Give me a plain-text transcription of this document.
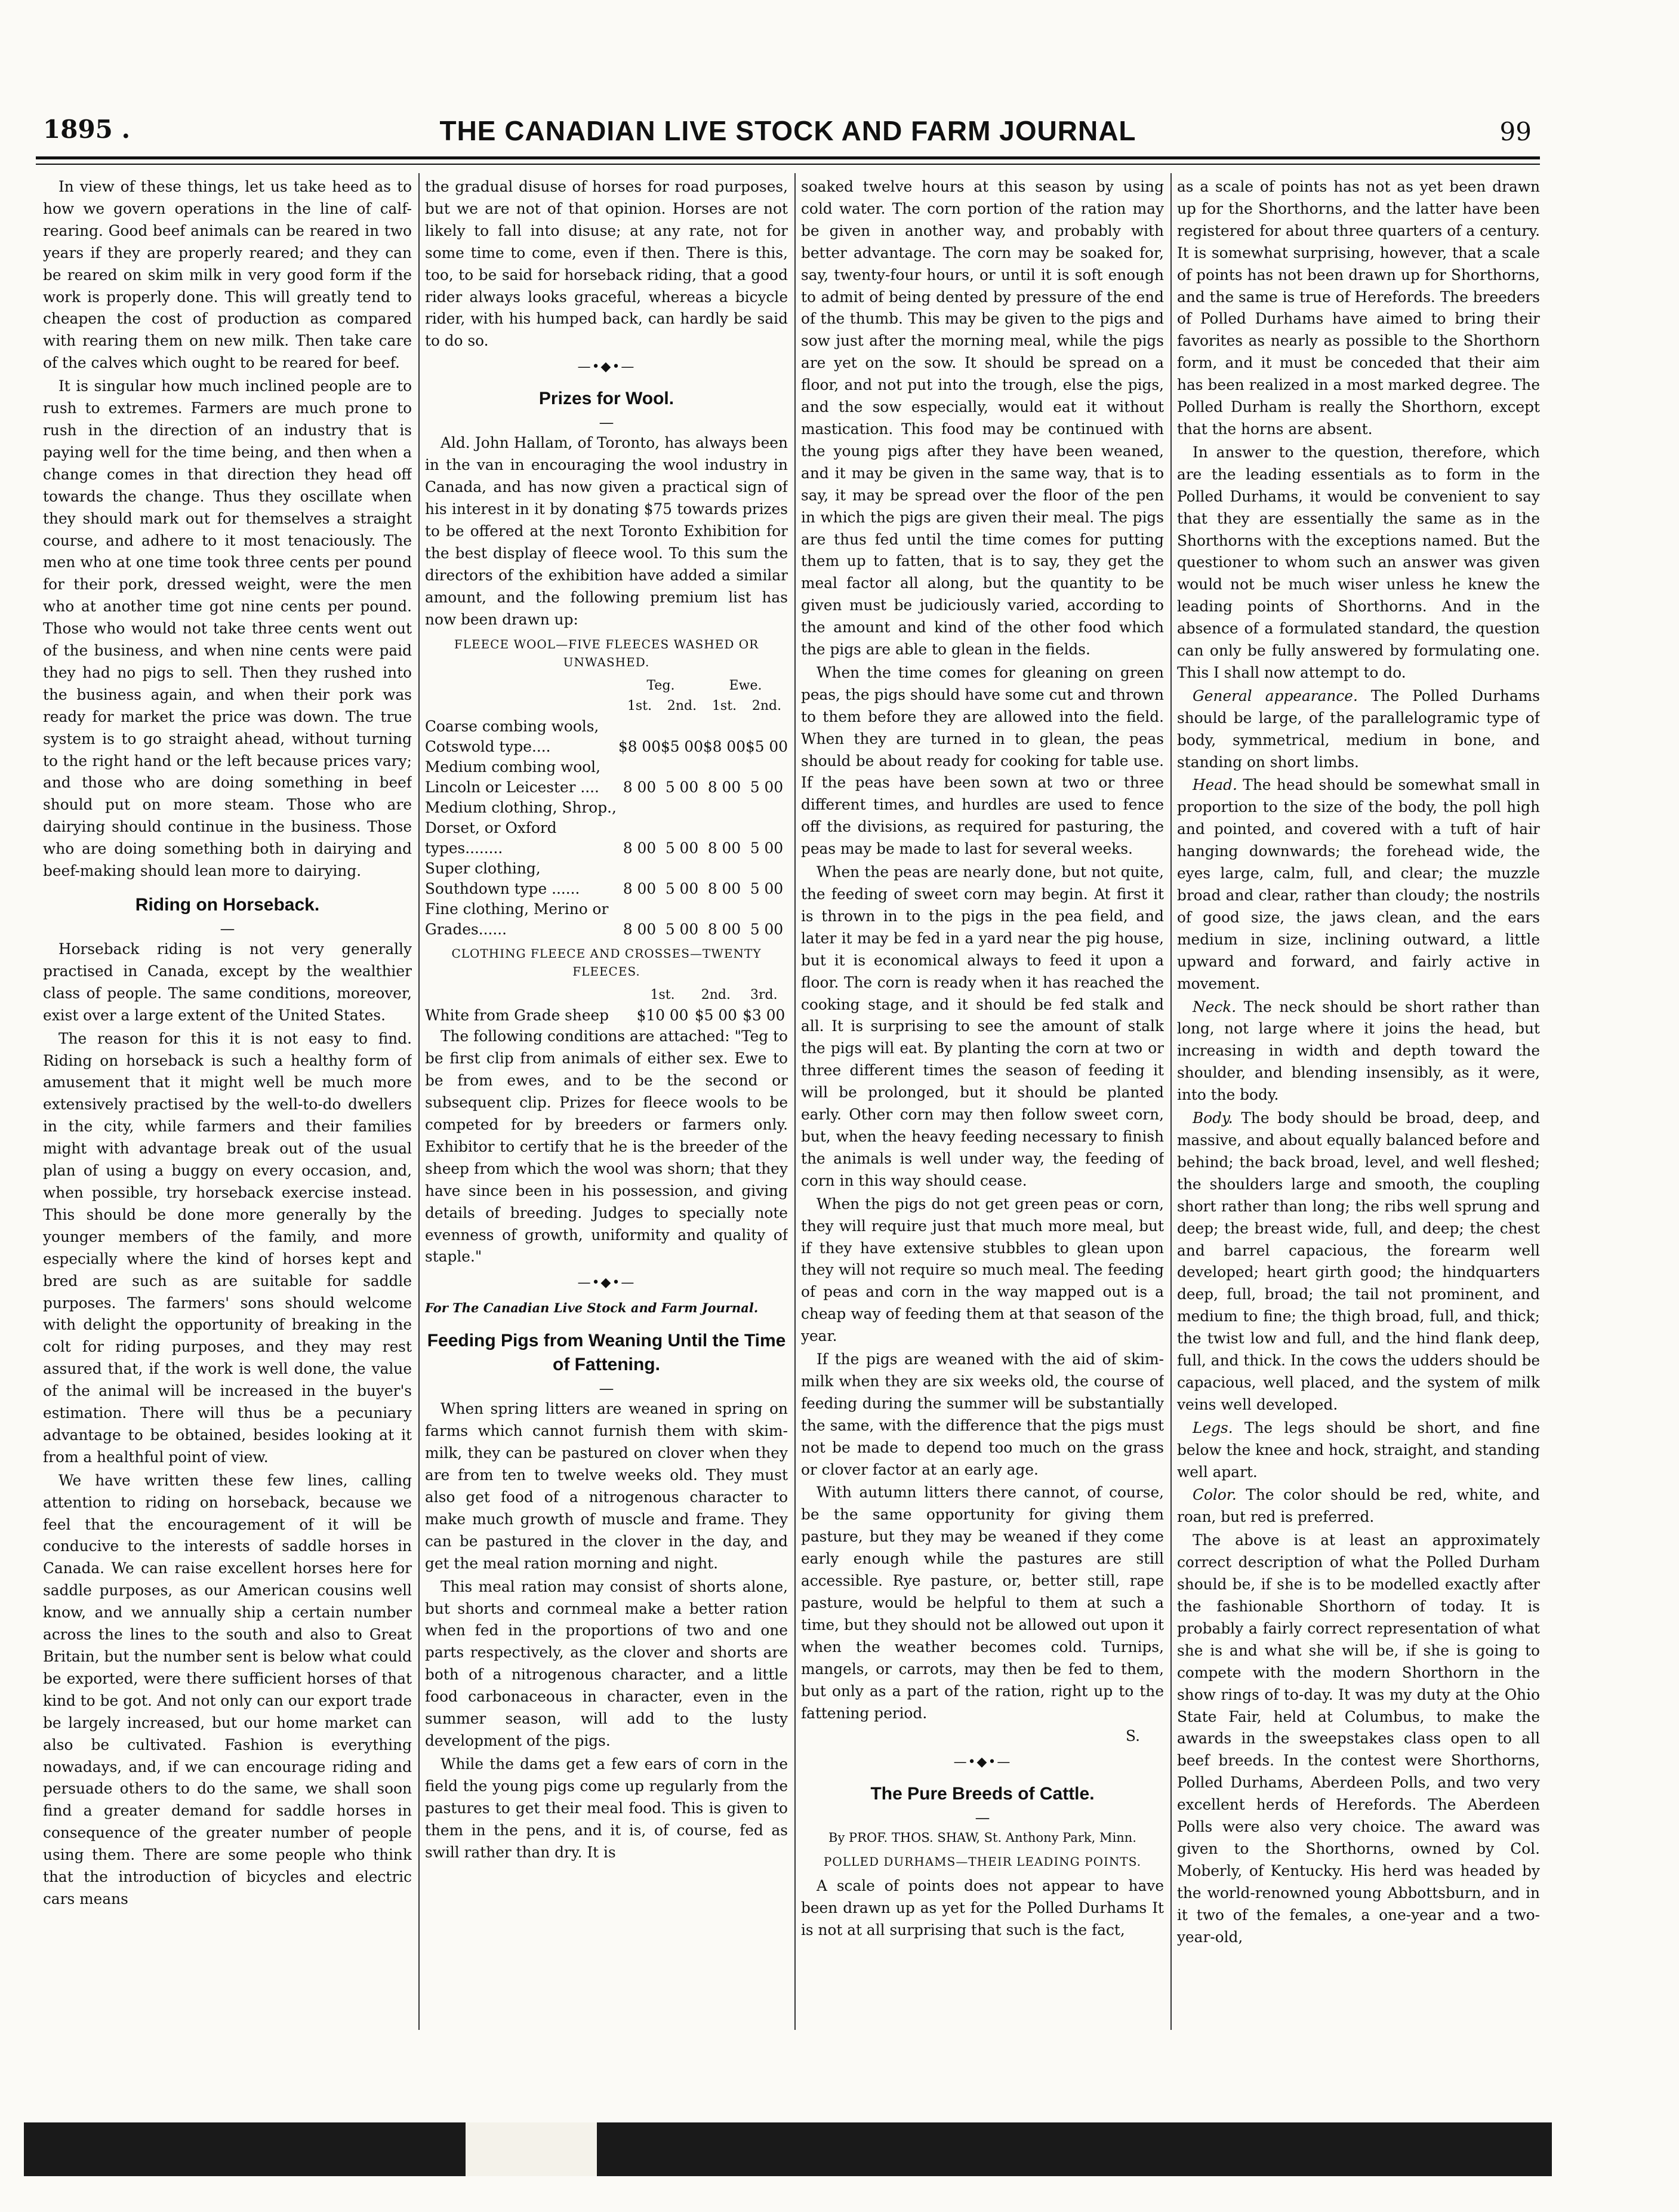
1895 .	THE CANADIAN LIVE STOCK AND FARM JOURNAL	99

In view of these things, let us take heed as to how we govern operations in the line of calf-rearing. Good beef animals can be reared in two years if they are properly reared; and they can be reared on skim milk in very good form if the work is properly done. This will greatly tend to cheapen the cost of production as compared with rearing them on new milk. Then take care of the calves which ought to be reared for beef.

It is singular how much inclined people are to rush to extremes. Farmers are much prone to rush in the direction of an industry that is paying well for the time being, and then when a change comes in that direction they head off towards the change. Thus they oscillate when they should mark out for themselves a straight course, and adhere to it most tenaciously. The men who at one time took three cents per pound for their pork, dressed weight, were the men who at another time got nine cents per pound. Those who would not take three cents went out of the business, and when nine cents were paid they had no pigs to sell. Then they rushed into the business again, and when their pork was ready for market the price was down. The true system is to go straight ahead, without turning to the right hand or the left because prices vary; and those who are doing something in beef should put on more steam. Those who are dairying should continue in the business. Those who are doing something both in dairying and beef-making should lean more to dairying.

Riding on Horseback.
—

Horseback riding is not very generally practised in Canada, except by the wealthier class of people. The same conditions, moreover, exist over a large extent of the United States.

The reason for this it is not easy to find. Riding on horseback is such a healthy form of amusement that it might well be much more extensively practised by the well-to-do dwellers in the city, while farmers and their families might with advantage break out of the usual plan of using a buggy on every occasion, and, when possible, try horseback exercise instead. This should be done more generally by the younger members of the family, and more especially where the kind of horses kept and bred are such as are suitable for saddle purposes. The farmers' sons should welcome with delight the opportunity of breaking in the colt for riding purposes, and they may rest assured that, if the work is well done, the value of the animal will be increased in the buyer's estimation. There will thus be a pecuniary advantage to be obtained, besides looking at it from a healthful point of view.

We have written these few lines, calling attention to riding on horseback, because we feel that the encouragement of it will be conducive to the interests of saddle horses in Canada. We can raise excellent horses here for saddle purposes, as our American cousins well know, and we annually ship a certain number across the lines to the south and also to Great Britain, but the number sent is below what could be exported, were there sufficient horses of that kind to be got. And not only can our export trade be largely increased, but our home market can also be cultivated. Fashion is everything nowadays, and, if we can encourage riding and persuade others to do the same, we shall soon find a greater demand for saddle horses in consequence of the greater number of people using them. There are some people who think that the introduction of bicycles and electric cars means

the gradual disuse of horses for road purposes, but we are not of that opinion. Horses are not likely to fall into disuse; at any rate, not for some time to come, even if then. There is this, too, to be said for horseback riding, that a good rider always looks graceful, whereas a bicycle rider, with his humped back, can hardly be said to do so.

—•◆•—
Prizes for Wool.
—

Ald. John Hallam, of Toronto, has always been in the van in encouraging the wool industry in Canada, and has now given a practical sign of his interest in it by donating $75 towards prizes to be offered at the next Toronto Exhibition for the best display of fleece wool. To this sum the directors of the exhibition have added a similar amount, and the following premium list has now been drawn up:

FLEECE WOOL—FIVE FLEECES WASHED OR UNWASHED.
	Teg.		Ewe.	
	1st.	2nd.	1st.	2nd.
Coarse combing wools, Cotswold type....	$8 00	$5 00	$8 00	$5 00
Medium combing wool, Lincoln or Leicester ....	8 00	5 00	8 00	5 00
Medium clothing, Shrop., Dorset, or Oxford types........	8 00	5 00	8 00	5 00
Super clothing, Southdown type ......	8 00	5 00	8 00	5 00
Fine clothing, Merino or Grades......	8 00	5 00	8 00	5 00
CLOTHING FLEECE AND CROSSES—TWENTY FLEECES.
	1st.	2nd.	3rd.
White from Grade sheep	$10 00	$5 00	$3 00

The following conditions are attached: "Teg to be first clip from animals of either sex. Ewe to be from ewes, and to be the second or subsequent clip. Prizes for fleece wools to be competed for by breeders or farmers only. Exhibitor to certify that he is the breeder of the sheep from which the wool was shorn; that they have since been in his possession, and giving details of breeding. Judges to specially note evenness of growth, uniformity and quality of staple."

—•◆•—
For The Canadian Live Stock and Farm Journal.
Feeding Pigs from Weaning Until the Time of Fattening.
—

When spring litters are weaned in spring on farms which cannot furnish them with skim-milk, they can be pastured on clover when they are from ten to twelve weeks old. They must also get food of a nitrogenous character to make much growth of muscle and frame. They can be pastured in the clover in the day, and get the meal ration morning and night.

This meal ration may consist of shorts alone, but shorts and cornmeal make a better ration when fed in the proportions of two and one parts respectively, as the clover and shorts are both of a nitrogenous character, and a little food carbonaceous in character, even in the summer season, will add to the lusty development of the pigs.

While the dams get a few ears of corn in the field the young pigs come up regularly from the pastures to get their meal food. This is given to them in the pens, and it is, of course, fed as swill rather than dry. It is

soaked twelve hours at this season by using cold water. The corn portion of the ration may be given in another way, and probably with better advantage. The corn may be soaked for, say, twenty-four hours, or until it is soft enough to admit of being dented by pressure of the end of the thumb. This may be given to the pigs and sow just after the morning meal, while the pigs are yet on the sow. It should be spread on a floor, and not put into the trough, else the pigs, and the sow especially, would eat it without mastication. This food may be continued with the young pigs after they have been weaned, and it may be given in the same way, that is to say, it may be spread over the floor of the pen in which the pigs are given their meal. The pigs are thus fed until the time comes for putting them up to fatten, that is to say, they get the meal factor all along, but the quantity to be given must be judiciously varied, according to the amount and kind of the other food which the pigs are able to glean in the fields.

When the time comes for gleaning on green peas, the pigs should have some cut and thrown to them before they are allowed into the field. When they are turned in to glean, the peas should be about ready for cooking for table use. If the peas have been sown at two or three different times, and hurdles are used to fence off the divisions, as required for pasturing, the peas may be made to last for several weeks.

When the peas are nearly done, but not quite, the feeding of sweet corn may begin. At first it is thrown in to the pigs in the pea field, and later it may be fed in a yard near the pig house, but it is economical always to feed it upon a floor. The corn is ready when it has reached the cooking stage, and it should be fed stalk and all. It is surprising to see the amount of stalk the pigs will eat. By planting the corn at two or three different times the season of feeding it will be prolonged, but it should be planted early. Other corn may then follow sweet corn, but, when the heavy feeding necessary to finish the animals is well under way, the feeding of corn in this way should cease.

When the pigs do not get green peas or corn, they will require just that much more meal, but if they have extensive stubbles to glean upon they will not require so much meal. The feeding of peas and corn in the way mapped out is a cheap way of feeding them at that season of the year.

If the pigs are weaned with the aid of skim-milk when they are six weeks old, the course of feeding during the summer will be substantially the same, with the difference that the pigs must not be made to depend too much on the grass or clover factor at an early age.

With autumn litters there cannot, of course, be the same opportunity for giving them pasture, but they may be weaned if they come early enough while the pastures are still accessible. Rye pasture, or, better still, rape pasture, would be helpful to them at such a time, but they should not be allowed out upon it when the weather becomes cold. Turnips, mangels, or carrots, may then be fed to them, but only as a part of the ration, right up to the fattening period.

S.
—•◆•—
The Pure Breeds of Cattle.
—
By PROF. THOS. SHAW, St. Anthony Park, Minn.
POLLED DURHAMS—THEIR LEADING POINTS.

A scale of points does not appear to have been drawn up as yet for the Polled Durhams It is not at all surprising that such is the fact,

as a scale of points has not as yet been drawn up for the Shorthorns, and the latter have been registered for about three quarters of a century. It is somewhat surprising, however, that a scale of points has not been drawn up for Shorthorns, and the same is true of Herefords. The breeders of Polled Durhams have aimed to bring their favorites as nearly as possible to the Shorthorn form, and it must be conceded that their aim has been realized in a most marked degree. The Polled Durham is really the Shorthorn, except that the horns are absent.

In answer to the question, therefore, which are the leading essentials as to form in the Polled Durhams, it would be convenient to say that they are essentially the same as in the Shorthorns with the exceptions named. But the questioner to whom such an answer was given would not be much wiser unless he knew the leading points of Shorthorns. And in the absence of a formulated standard, the question can only be fully answered by formulating one. This I shall now attempt to do.

General appearance. The Polled Durhams should be large, of the parallelogramic type of body, symmetrical, medium in bone, and standing on short limbs.

Head. The head should be somewhat small in proportion to the size of the body, the poll high and pointed, and covered with a tuft of hair hanging downwards; the forehead wide, the eyes large, calm, full, and clear; the muzzle broad and clear, rather than cloudy; the nostrils of good size, the jaws clean, and the ears medium in size, inclining outward, a little upward and forward, and fairly active in movement.

Neck. The neck should be short rather than long, not large where it joins the head, but increasing in width and depth toward the shoulder, and blending insensibly, as it were, into the body.

Body. The body should be broad, deep, and massive, and about equally balanced before and behind; the back broad, level, and well fleshed; the shoulders large and smooth, the coupling short rather than long; the ribs well sprung and deep; the breast wide, full, and deep; the chest and barrel capacious, the forearm well developed; heart girth good; the hindquarters deep, full, broad; the tail not prominent, and medium to fine; the thigh broad, full, and thick; the twist low and full, and the hind flank deep, full, and thick. In the cows the udders should be capacious, well placed, and the system of milk veins well developed.

Legs. The legs should be short, and fine below the knee and hock, straight, and standing well apart.

Color. The color should be red, white, and roan, but red is preferred.

The above is at least an approximately correct description of what the Polled Durham should be, if she is to be modelled exactly after the fashionable Shorthorn of today. It is probably a fairly correct representation of what she is and what she will be, if she is going to compete with the modern Shorthorn in the show rings of to-day. It was my duty at the Ohio State Fair, held at Columbus, to make the awards in the sweepstakes class open to all beef breeds. In the contest were Shorthorns, Polled Durhams, Aberdeen Polls, and two very excellent herds of Herefords. The Aberdeen Polls were also very choice. The award was given to the Shorthorns, owned by Col. Moberly, of Kentucky. His herd was headed by the world-renowned young Abbottsburn, and in it two of the females, a one-year and a two-year-old,
